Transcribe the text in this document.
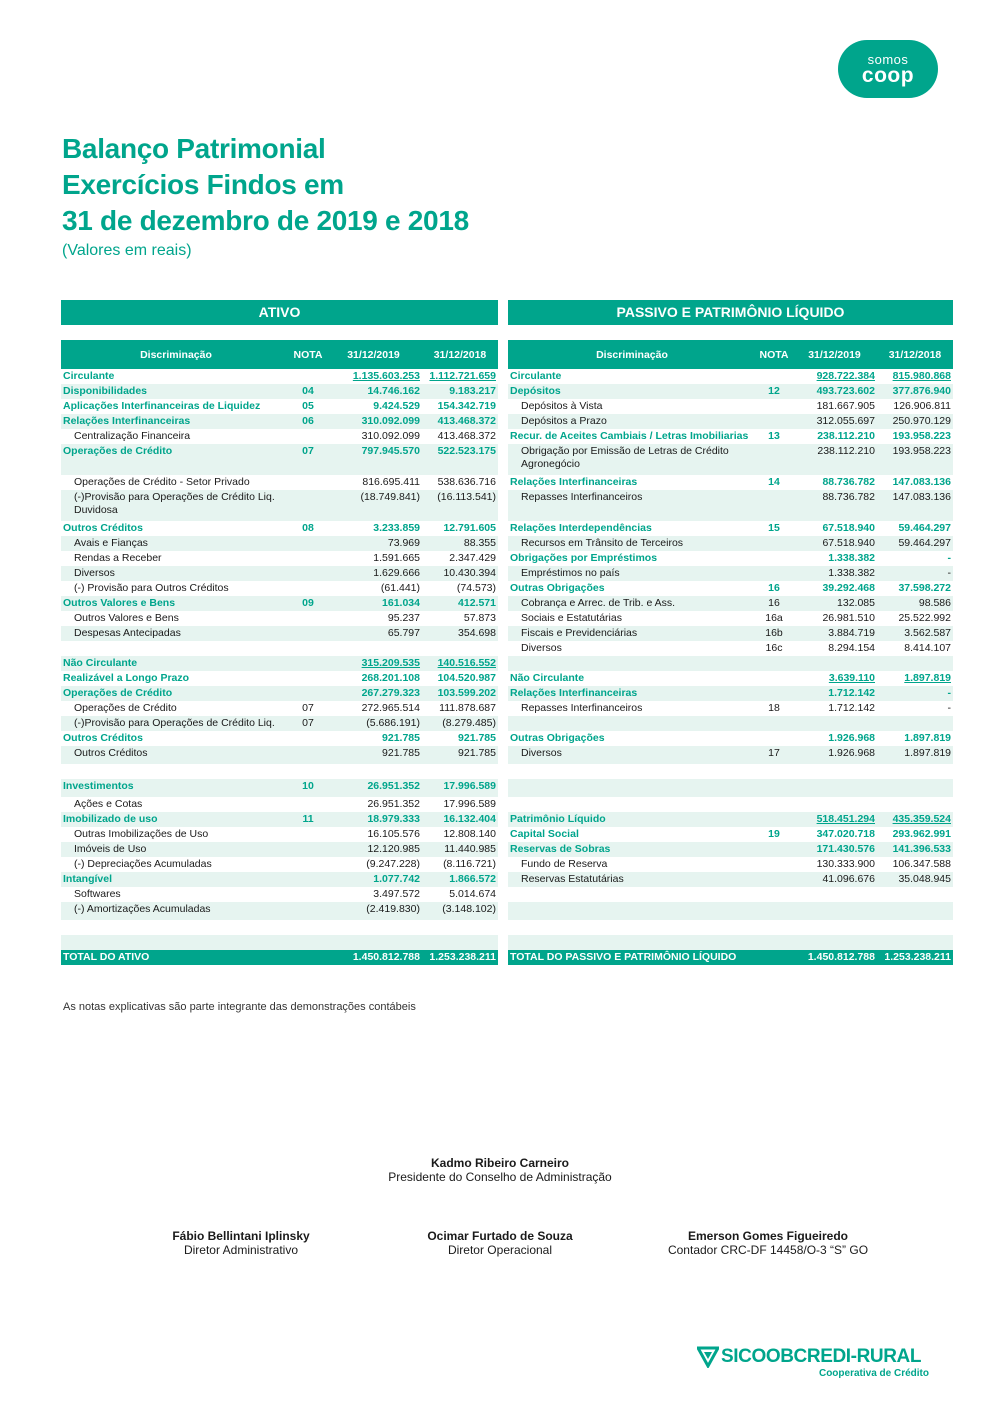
somos
coop
Balanço Patrimonial
Exercícios Findos em
31 de dezembro de 2019 e 2018
(Valores em reais)
ATIVO
Discriminação	NOTA	31/12/2019	31/12/2018
Circulante		1.135.603.253	1.112.721.659
Disponibilidades	04	14.746.162	9.183.217
Aplicações Interfinanceiras de Liquidez	05	9.424.529	154.342.719
Relações Interfinanceiras	06	310.092.099	413.468.372
Centralização Financeira		310.092.099	413.468.372
Operações de Crédito	07	797.945.570	522.523.175
Operações de Crédito - Setor Privado		816.695.411	538.636.716
(-)Provisão para Operações de Crédito Liq. Duvidosa		(18.749.841)	(16.113.541)
Outros Créditos	08	3.233.859	12.791.605
Avais e Fianças		73.969	88.355
Rendas a Receber		1.591.665	2.347.429
Diversos		1.629.666	10.430.394
(-) Provisão para Outros Créditos		(61.441)	(74.573)
Outros Valores e Bens	09	161.034	412.571
Outros Valores e Bens		95.237	57.873
Despesas Antecipadas		65.797	354.698

Não Circulante		315.209.535	140.516.552
Realizável a Longo Prazo		268.201.108	104.520.987
Operações de Crédito		267.279.323	103.599.202
Operações de Crédito	07	272.965.514	111.878.687
(-)Provisão para Operações de Crédito Liq.	07	(5.686.191)	(8.279.485)
Outros Créditos		921.785	921.785
Outros Créditos		921.785	921.785

Investimentos	10	26.951.352	17.996.589
Ações e Cotas		26.951.352	17.996.589
Imobilizado de uso	11	18.979.333	16.132.404
Outras Imobilizações de Uso		16.105.576	12.808.140
Imóveis de Uso		12.120.985	11.440.985
(-) Depreciações Acumuladas		(9.247.228)	(8.116.721)
Intangível		1.077.742	1.866.572
Softwares		3.497.572	5.014.674
(-) Amortizações Acumuladas		(2.419.830)	(3.148.102)

TOTAL DO ATIVO		1.450.812.788	1.253.238.211
PASSIVO E PATRIMÔNIO LÍQUIDO
Discriminação	NOTA	31/12/2019	31/12/2018
Circulante		928.722.384	815.980.868
Depósitos	12	493.723.602	377.876.940
Depósitos à Vista		181.667.905	126.906.811
Depósitos a Prazo		312.055.697	250.970.129
Recur. de Aceites Cambiais / Letras Imobiliarias	13	238.112.210	193.958.223
Obrigação por Emissão de Letras de Crédito Agronegócio		238.112.210	193.958.223
Relações Interfinanceiras	14	88.736.782	147.083.136
Repasses Interfinanceiros		88.736.782	147.083.136
Relações Interdependências	15	67.518.940	59.464.297
Recursos em Trânsito de Terceiros		67.518.940	59.464.297
Obrigações por Empréstimos		1.338.382	-
Empréstimos no país		1.338.382	-
Outras Obrigações	16	39.292.468	37.598.272
Cobrança e Arrec. de Trib. e Ass.	16	132.085	98.586
Sociais e Estatutárias	16a	26.981.510	25.522.992
Fiscais e Previdenciárias	16b	3.884.719	3.562.587
Diversos	16c	8.294.154	8.414.107

Não Circulante		3.639.110	1.897.819
Relações Interfinanceiras		1.712.142	-
Repasses Interfinanceiros	18	1.712.142	-

Outras Obrigações		1.926.968	1.897.819
Diversos	17	1.926.968	1.897.819

Patrimônio Líquido		518.451.294	435.359.524
Capital Social	19	347.020.718	293.962.991
Reservas de Sobras		171.430.576	141.396.533
Fundo de Reserva		130.333.900	106.347.588
Reservas Estatutárias		41.096.676	35.048.945

TOTAL DO PASSIVO E PATRIMÔNIO LÍQUIDO		1.450.812.788	1.253.238.211
As notas explicativas são parte integrante das demonstrações contábeis
Kadmo Ribeiro Carneiro
Presidente do Conselho de Administração
Fábio Bellintani Iplinsky
Diretor Administrativo
Ocimar Furtado de Souza
Diretor Operacional
Emerson Gomes Figueiredo
Contador CRC-DF 14458/O-3 “S” GO
SICOOBCREDI-RURAL
Cooperativa de Crédito
